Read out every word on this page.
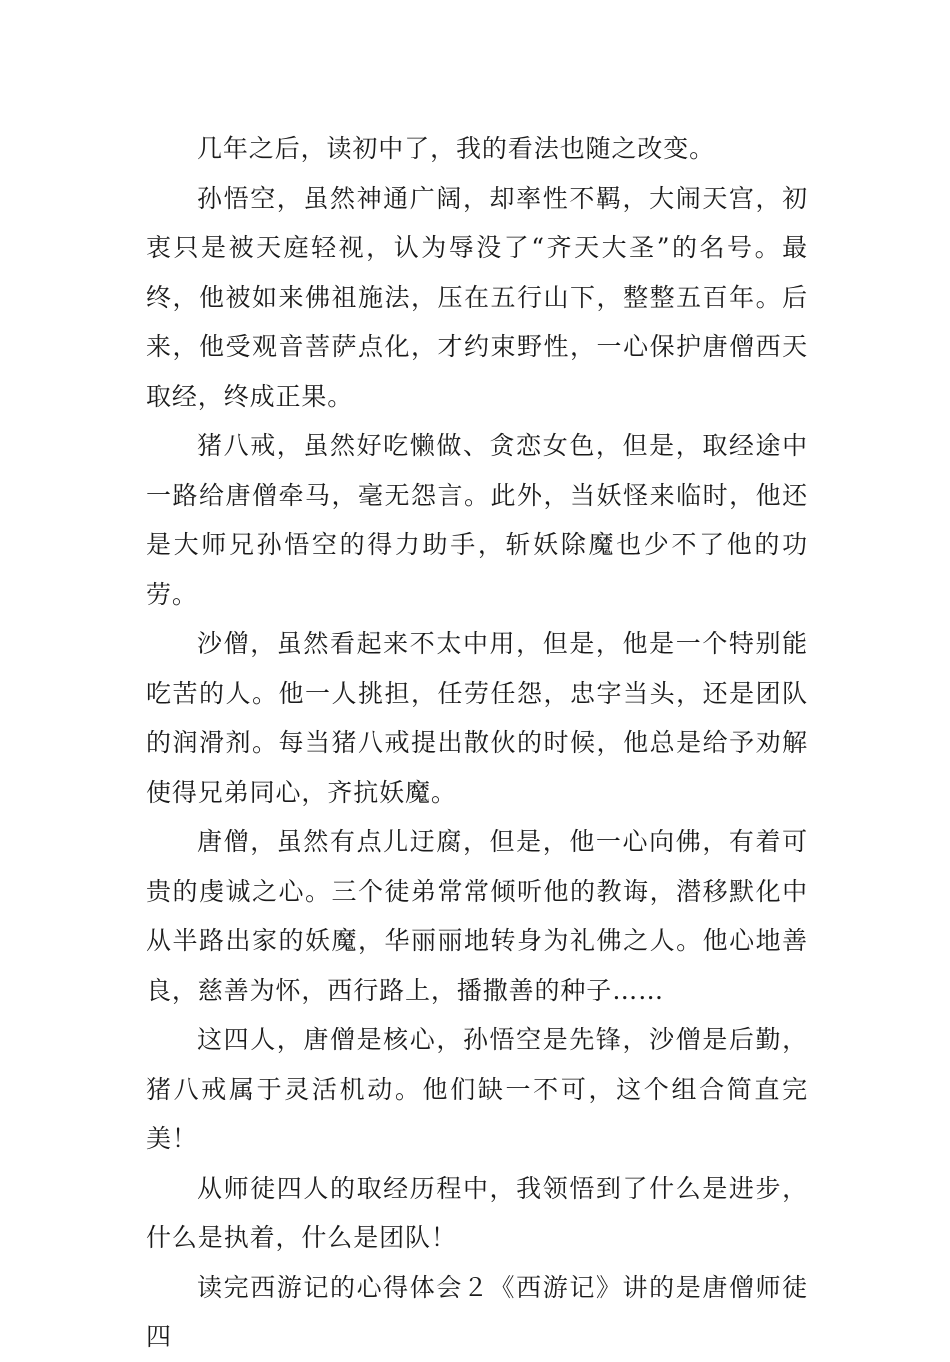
几年之后，读初中了，我的看法也随之改变。

孙悟空，虽然神通广阔，却率性不羁，大闹天宫，初衷只是被天庭轻视，认为辱没了“齐天大圣”的名号。最终，他被如来佛祖施法，压在五行山下，整整五百年。后来，他受观音菩萨点化，才约束野性，一心保护唐僧西天取经，终成正果。

猪八戒，虽然好吃懒做、贪恋女色，但是，取经途中一路给唐僧牵马，毫无怨言。此外，当妖怪来临时，他还是大师兄孙悟空的得力助手，斩妖除魔也少不了他的功劳。

沙僧，虽然看起来不太中用，但是，他是一个特别能吃苦的人。他一人挑担，任劳任怨，忠字当头，还是团队的润滑剂。每当猪八戒提出散伙的时候，他总是给予劝解使得兄弟同心，齐抗妖魔。

唐僧，虽然有点儿迂腐，但是，他一心向佛，有着可贵的虔诚之心。三个徒弟常常倾听他的教诲，潜移默化中从半路出家的妖魔，华丽丽地转身为礼佛之人。他心地善良，慈善为怀，西行路上，播撒善的种子……

这四人，唐僧是核心，孙悟空是先锋，沙僧是后勤，猪八戒属于灵活机动。他们缺一不可，这个组合简直完美！

从师徒四人的取经历程中，我领悟到了什么是进步，什么是执着，什么是团队！

读完西游记的心得体会２《西游记》讲的是唐僧师徒四
